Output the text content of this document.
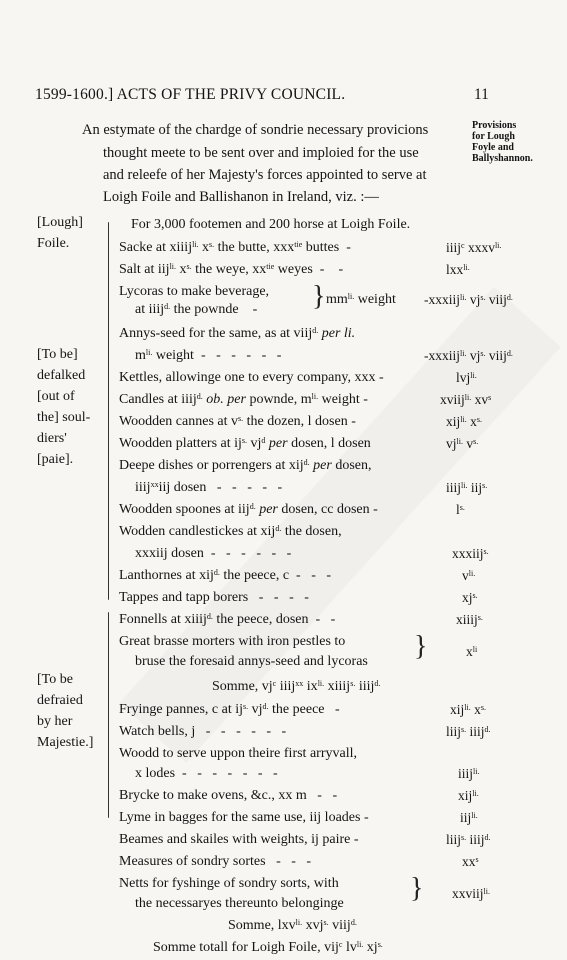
1599-1600.] ACTS OF THE PRIVY COUNCIL.	11
Provisions
for Lough
Foyle and
Ballyshannon.
An estymate of the chardge of sondrie necessary provicions
thought meete to be sent over and imploied for the use
and releefe of her Majesty's forces appointed to serve at
Loigh Foile and Ballishanon in Ireland, viz. :—
[Lough]
Foile.
[To be]
defalked
[out of
the] soul-
diers'
[paie].
[To be
defraied
by her
Majestie.]
For 3,000 footemen and 200 horse at Loigh Foile.
Sacke at xiiij$^{li.}$ $x^{s.}$ the butte, xxx$^{tie}$ buttes  -	iiij$^c$ xxxv$^{li.}$
Salt at iij$^{li.}$ $x^{s.}$ the weye, $xx^{tie}$ weyes  -    -	lxx$^{li.}$
Lycoras to make beverage,
at iiij$^{d.}$ the pownde    - } $mm^{li.}$ weight -xxxiij$^{li.}$ $vj^{s.}$ viij$^{d.}$
Annys-seed for the same, as at viij$^{d.}$ per li.
$m^{li.}$ weight  -   -   -   -   -   -	-xxxiij$^{li.}$ $vj^{s.}$ viij$^{d.}$
Kettles, allowinge one to every company, xxx -	lvj$^{li.}$
Candles at iiij$^{d.}$ ob. per pownde, $m^{li.}$ weight -	xviij$^{li.}$ $xv^s$
Woodden cannes at $v^{s.}$ the dozen, l dosen -	xij$^{li.}$ $x^{s.}$
Woodden platters at $ij^{s.}$ $vj^d$ per dosen, l dosen	$vj^{li.}$ $v^{s.}$
Deepe dishes or porrengers at xij$^{d.}$ per dosen,
iiij$^{xx}$iij dosen   -   -   -   -   -	iiij$^{li.}$ iij$^{s.}$
Woodden spoones at iij$^{d.}$ per dosen, cc dosen -	$l^{s.}$
Wodden candlestickes at xij$^{d.}$ the dosen,
xxxiij dosen  -   -   -   -   -   -	xxxiij$^{s.}$
Lanthornes at xij$^{d.}$ the peece, c  -   -   -	$v^{li.}$
Tappes and tapp borers   -   -   -   -	$xj^{s.}$
Fonnells at xiiij$^{d.}$ the peece, dosen  -   -	xiiij$^{s.}$
Great brasse morters with iron pestles to
bruse the foresaid annys-seed and lycoras }	$x^{li}$
Somme, $vj^c$ iiij$^{xx}$ $ix^{li.}$ xiiij$^{s.}$ iiij$^{d.}$
Fryinge pannes, c at $ij^{s.}$ $vj^{d.}$ the peece   -	xij$^{li.}$ $x^{s.}$
Watch bells, j   -   -   -   -   -   -	liij$^{s.}$ iiij$^{d.}$
Woodd to serve uppon theire first arryvall,
x lodes  -   -   -   -   -   -   -	iiij$^{li.}$
Brycke to make ovens, &c., xx m   -   -	xij$^{li.}$
Lyme in bagges for the same use, iij loades -	iij$^{li.}$
Beames and skailes with weights, ij paire -	liij$^{s.}$ iiij$^{d.}$
Measures of sondry sortes   -   -   -	$xx^s$
Netts for fyshinge of sondry sorts, with
the necessaryes thereunto belonginge } xxviij$^{li.}$
Somme, lxv$^{li.}$ xvj$^{s.}$ viij$^{d.}$
Somme totall for Loigh Foile, vij$^c$ $lv^{li.}$ $xj^{s.}$
